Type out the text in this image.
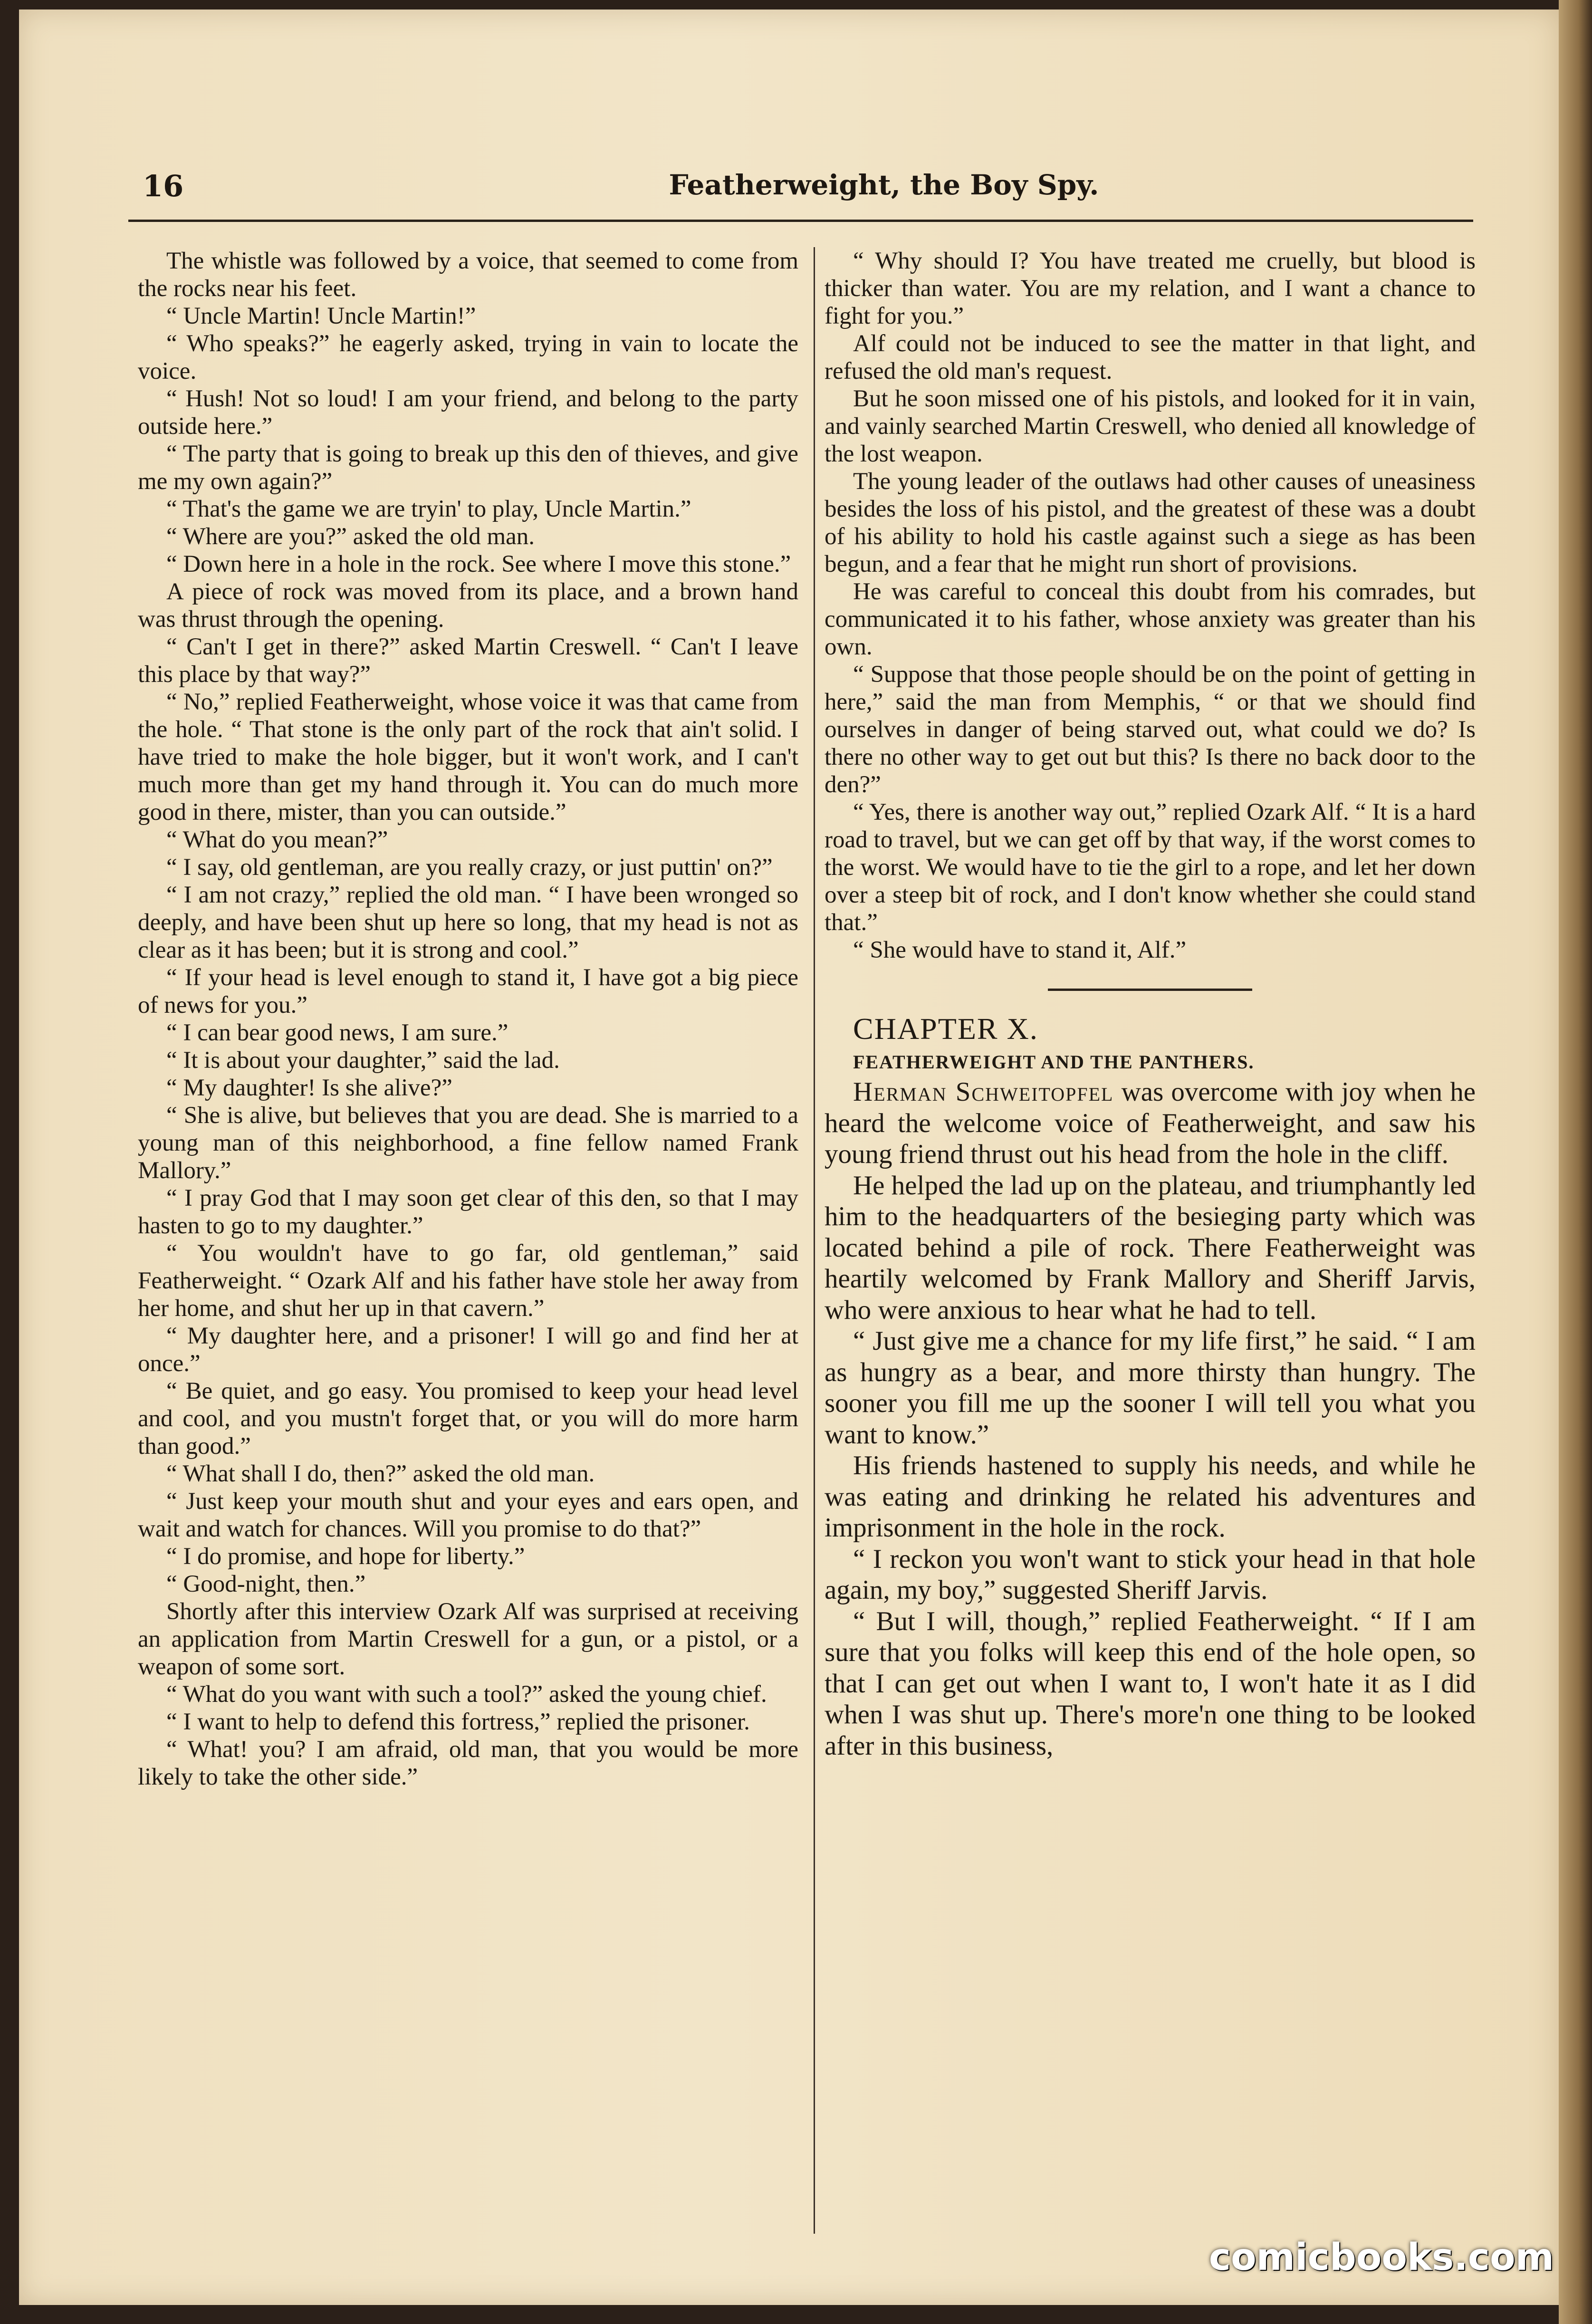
16	Featherweight, the Boy Spy.

The whistle was followed by a voice, that seemed to come from the rocks near his feet.

“ Uncle Martin! Uncle Martin!”

“ Who speaks?” he eagerly asked, trying in vain to locate the voice.

“ Hush! Not so loud! I am your friend, and belong to the party outside here.”

“ The party that is going to break up this den of thieves, and give me my own again?”

“ That's the game we are tryin' to play, Uncle Martin.”

“ Where are you?” asked the old man.

“ Down here in a hole in the rock. See where I move this stone.”

A piece of rock was moved from its place, and a brown hand was thrust through the opening.

“ Can't I get in there?” asked Martin Creswell. “ Can't I leave this place by that way?”

“ No,” replied Featherweight, whose voice it was that came from the hole. “ That stone is the only part of the rock that ain't solid. I have tried to make the hole bigger, but it won't work, and I can't much more than get my hand through it. You can do much more good in there, mister, than you can outside.”

“ What do you mean?”

“ I say, old gentleman, are you really crazy, or just puttin' on?”

“ I am not crazy,” replied the old man. “ I have been wronged so deeply, and have been shut up here so long, that my head is not as clear as it has been; but it is strong and cool.”

“ If your head is level enough to stand it, I have got a big piece of news for you.”

“ I can bear good news, I am sure.”

“ It is about your daughter,” said the lad.

“ My daughter! Is she alive?”

“ She is alive, but believes that you are dead. She is married to a young man of this neighborhood, a fine fellow named Frank Mallory.”

“ I pray God that I may soon get clear of this den, so that I may hasten to go to my daughter.”

“ You wouldn't have to go far, old gentleman,” said Featherweight. “ Ozark Alf and his father have stole her away from her home, and shut her up in that cavern.”

“ My daughter here, and a prisoner! I will go and find her at once.”

“ Be quiet, and go easy. You promised to keep your head level and cool, and you mustn't forget that, or you will do more harm than good.”

“ What shall I do, then?” asked the old man.

“ Just keep your mouth shut and your eyes and ears open, and wait and watch for chances. Will you promise to do that?”

“ I do promise, and hope for liberty.”

“ Good-night, then.”

Shortly after this interview Ozark Alf was surprised at receiving an application from Martin Creswell for a gun, or a pistol, or a weapon of some sort.

“ What do you want with such a tool?” asked the young chief.

“ I want to help to defend this fortress,” replied the prisoner.

“ What! you? I am afraid, old man, that you would be more likely to take the other side.”

“ Why should I? You have treated me cruelly, but blood is thicker than water. You are my relation, and I want a chance to fight for you.”

Alf could not be induced to see the matter in that light, and refused the old man's request.

But he soon missed one of his pistols, and looked for it in vain, and vainly searched Martin Creswell, who denied all knowledge of the lost weapon.

The young leader of the outlaws had other causes of uneasiness besides the loss of his pistol, and the greatest of these was a doubt of his ability to hold his castle against such a siege as has been begun, and a fear that he might run short of provisions.

He was careful to conceal this doubt from his comrades, but communicated it to his father, whose anxiety was greater than his own.

“ Suppose that those people should be on the point of getting in here,” said the man from Memphis, “ or that we should find ourselves in danger of being starved out, what could we do? Is there no other way to get out but this? Is there no back door to the den?”

“ Yes, there is another way out,” replied Ozark Alf. “ It is a hard road to travel, but we can get off by that way, if the worst comes to the worst. We would have to tie the girl to a rope, and let her down over a steep bit of rock, and I don't know whether she could stand that.”

“ She would have to stand it, Alf.”

CHAPTER X.

FEATHERWEIGHT AND THE PANTHERS.

Herman Schweitopfel was overcome with joy when he heard the welcome voice of Featherweight, and saw his young friend thrust out his head from the hole in the cliff.

He helped the lad up on the plateau, and triumphantly led him to the headquarters of the besieging party which was located behind a pile of rock. There Featherweight was heartily welcomed by Frank Mallory and Sheriff Jarvis, who were anxious to hear what he had to tell.

“ Just give me a chance for my life first,” he said. “ I am as hungry as a bear, and more thirsty than hungry. The sooner you fill me up the sooner I will tell you what you want to know.”

His friends hastened to supply his needs, and while he was eating and drinking he related his adventures and imprisonment in the hole in the rock.

“ I reckon you won't want to stick your head in that hole again, my boy,” suggested Sheriff Jarvis.

“ But I will, though,” replied Featherweight. “ If I am sure that you folks will keep this end of the hole open, so that I can get out when I want to, I won't hate it as I did when I was shut up. There's more'n one thing to be looked after in this business,

comicbooks.com
